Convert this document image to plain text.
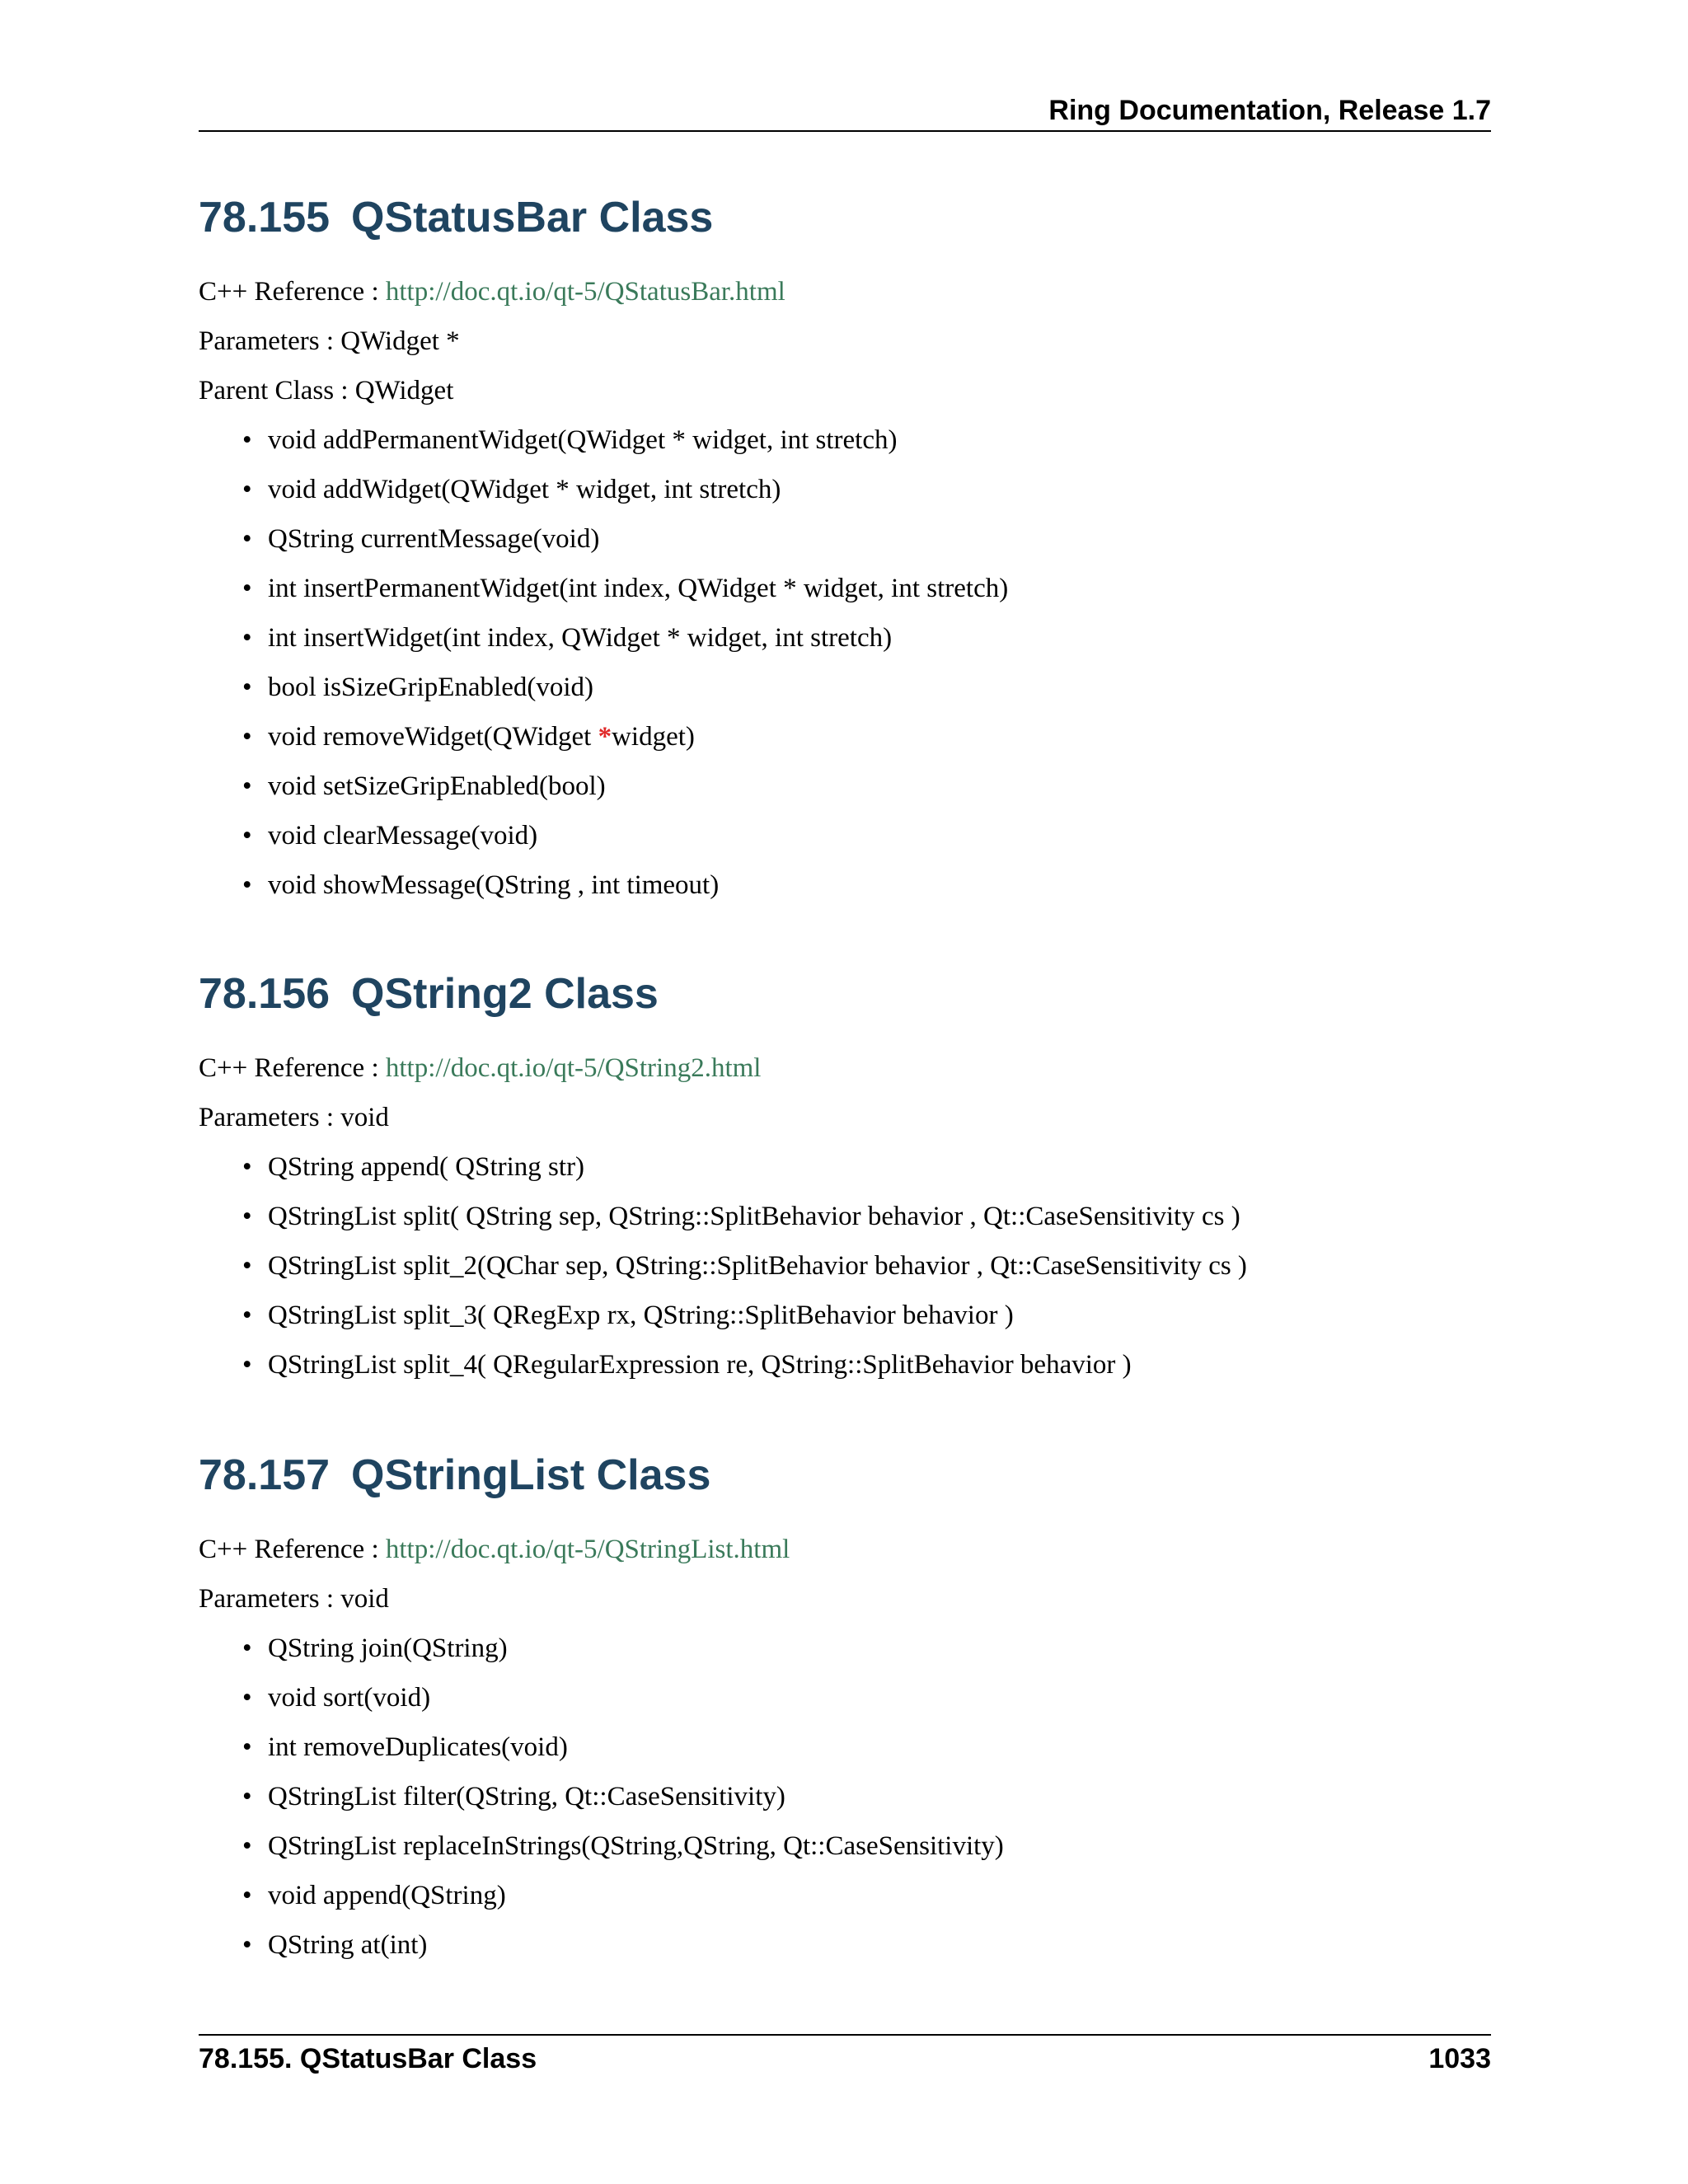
Ring Documentation, Release 1.7
78.155 QStatusBar Class

C++ Reference : http://doc.qt.io/qt-5/QStatusBar.html

Parameters : QWidget *

Parent Class : QWidget

• void addPermanentWidget(QWidget * widget, int stretch)
• void addWidget(QWidget * widget, int stretch)
• QString currentMessage(void)
• int insertPermanentWidget(int index, QWidget * widget, int stretch)
• int insertWidget(int index, QWidget * widget, int stretch)
• bool isSizeGripEnabled(void)
• void removeWidget(QWidget *widget)
• void setSizeGripEnabled(bool)
• void clearMessage(void)
• void showMessage(QString , int timeout)
78.156 QString2 Class

C++ Reference : http://doc.qt.io/qt-5/QString2.html

Parameters : void

• QString append( QString str)
• QStringList split( QString sep, QString::SplitBehavior behavior , Qt::CaseSensitivity cs )
• QStringList split_2(QChar sep, QString::SplitBehavior behavior , Qt::CaseSensitivity cs )
• QStringList split_3( QRegExp rx, QString::SplitBehavior behavior )
• QStringList split_4( QRegularExpression re, QString::SplitBehavior behavior )
78.157 QStringList Class

C++ Reference : http://doc.qt.io/qt-5/QStringList.html

Parameters : void

• QString join(QString)
• void sort(void)
• int removeDuplicates(void)
• QStringList filter(QString, Qt::CaseSensitivity)
• QStringList replaceInStrings(QString,QString, Qt::CaseSensitivity)
• void append(QString)
• QString at(int)
78.155. QStatusBar Class	1033
